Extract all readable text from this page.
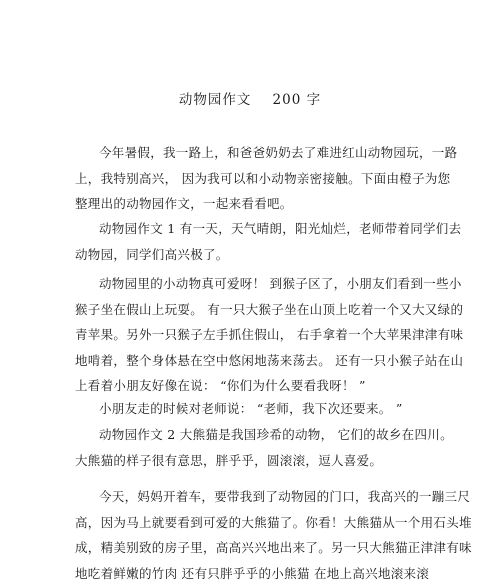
动物园作文    200 字
今年暑假，我一路上，和爸爸奶奶去了难进红山动物园玩，一路
上，我特别高兴， 因为我可以和小动物亲密接触。下面由橙子为您
整理出的动物园作文，一起来看看吧。
动物园作文 1 有一天，天气晴朗，阳光灿烂，老师带着同学们去
动物园，同学们高兴极了。
动物园里的小动物真可爱呀！ 到猴子区了，小朋友们看到一些小
猴子坐在假山上玩耍。 有一只大猴子坐在山顶上吃着一个又大又绿的
青苹果。另外一只猴子左手抓住假山， 右手拿着一个大苹果津津有味
地啃着，整个身体悬在空中悠闲地荡来荡去。 还有一只小猴子站在山
上看着小朋友好像在说： “你们为什么要看我呀！ ”
小朋友走的时候对老师说： “老师，我下次还要来。 ”
动物园作文 2 大熊猫是我国珍希的动物， 它们的故乡在四川。
大熊猫的样子很有意思，胖乎乎，圆滚滚，逗人喜爱。
今天，妈妈开着车，要带我到了动物园的门口，我高兴的一蹦三尺
高，因为马上就要看到可爱的大熊猫了。你看！大熊猫从一个用石头堆
成，精美别致的房子里，高高兴兴地出来了。另一只大熊猫正津津有味
地吃着鲜嫩的竹肉 还有只胖乎乎的小熊猫 在地上高兴地滚来滚
